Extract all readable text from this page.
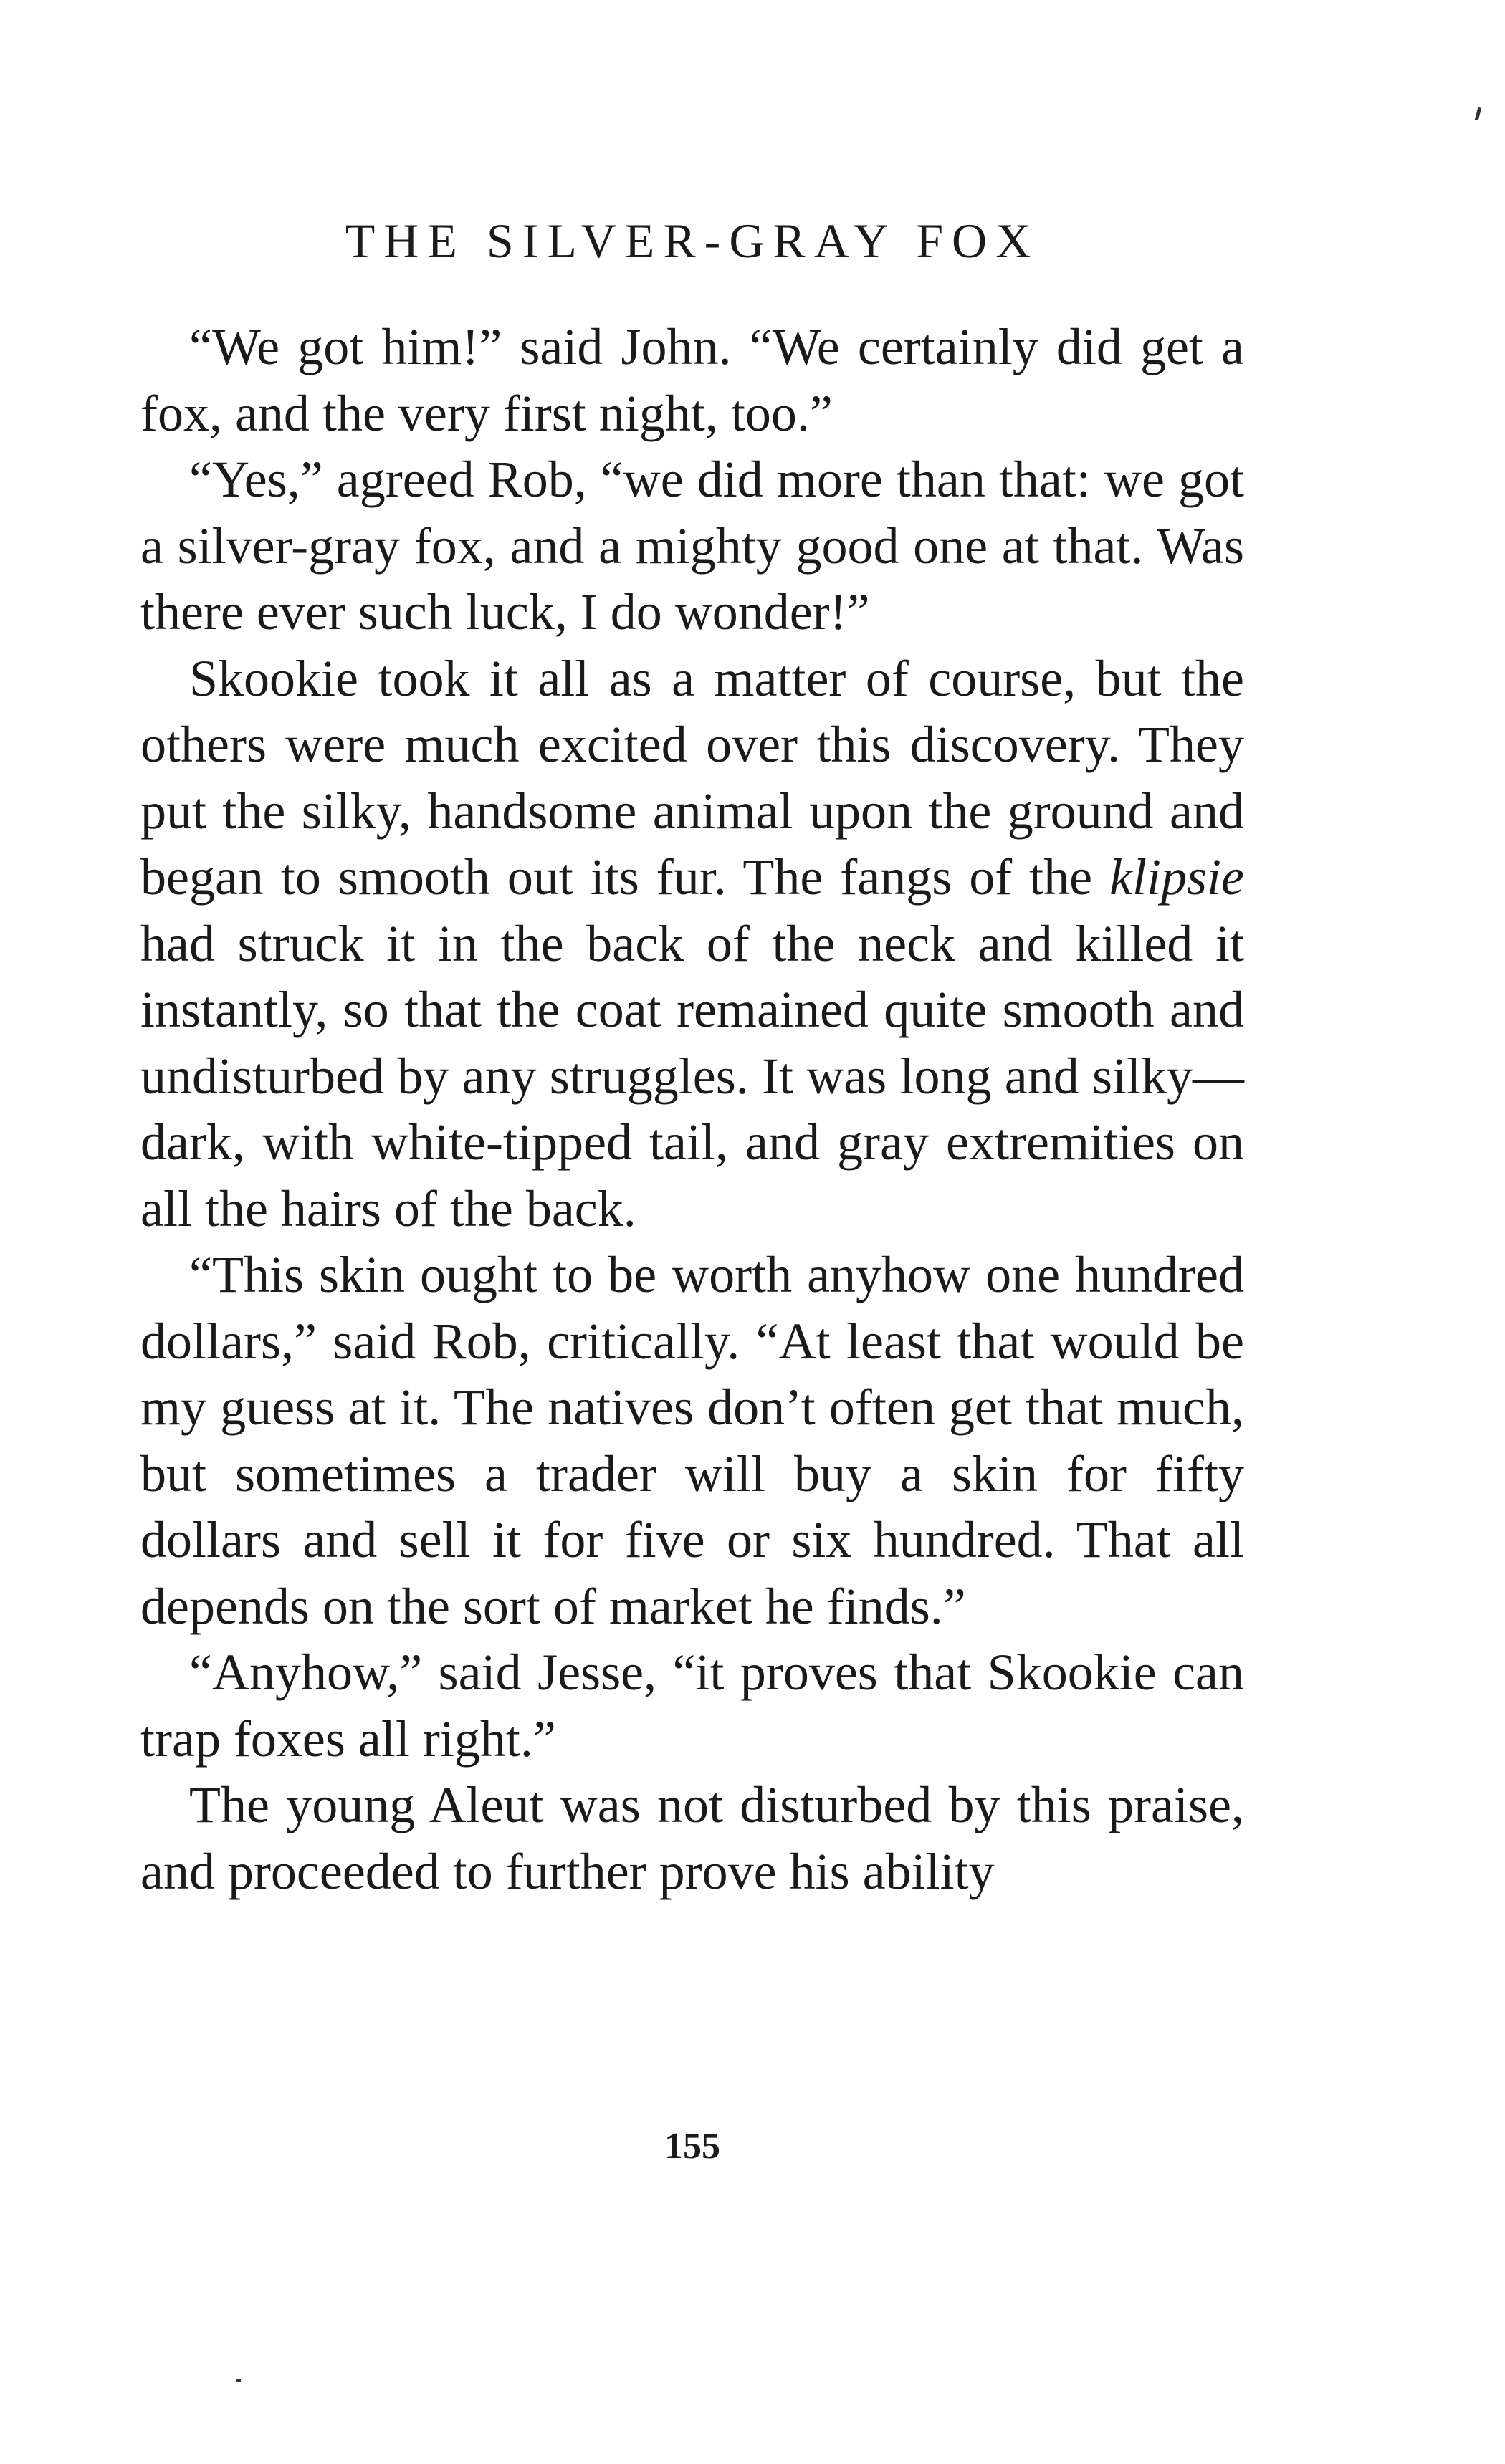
THE SILVER-GRAY FOX

“We got him!” said John. “We certainly did get a fox, and the very first night, too.”

“Yes,” agreed Rob, “we did more than that: we got a silver-gray fox, and a mighty good one at that. Was there ever such luck, I do wonder!”

Skookie took it all as a matter of course, but the others were much excited over this discovery. They put the silky, handsome animal upon the ground and began to smooth out its fur. The fangs of the klipsie had struck it in the back of the neck and killed it instantly, so that the coat remained quite smooth and undisturbed by any struggles. It was long and silky—dark, with white-tipped tail, and gray extremities on all the hairs of the back.

“This skin ought to be worth anyhow one hundred dollars,” said Rob, critically. “At least that would be my guess at it. The natives don’t often get that much, but sometimes a trader will buy a skin for fifty dollars and sell it for five or six hundred. That all depends on the sort of market he finds.”

“Anyhow,” said Jesse, “it proves that Skookie can trap foxes all right.”

The young Aleut was not disturbed by this praise, and proceeded to further prove his ability

155
